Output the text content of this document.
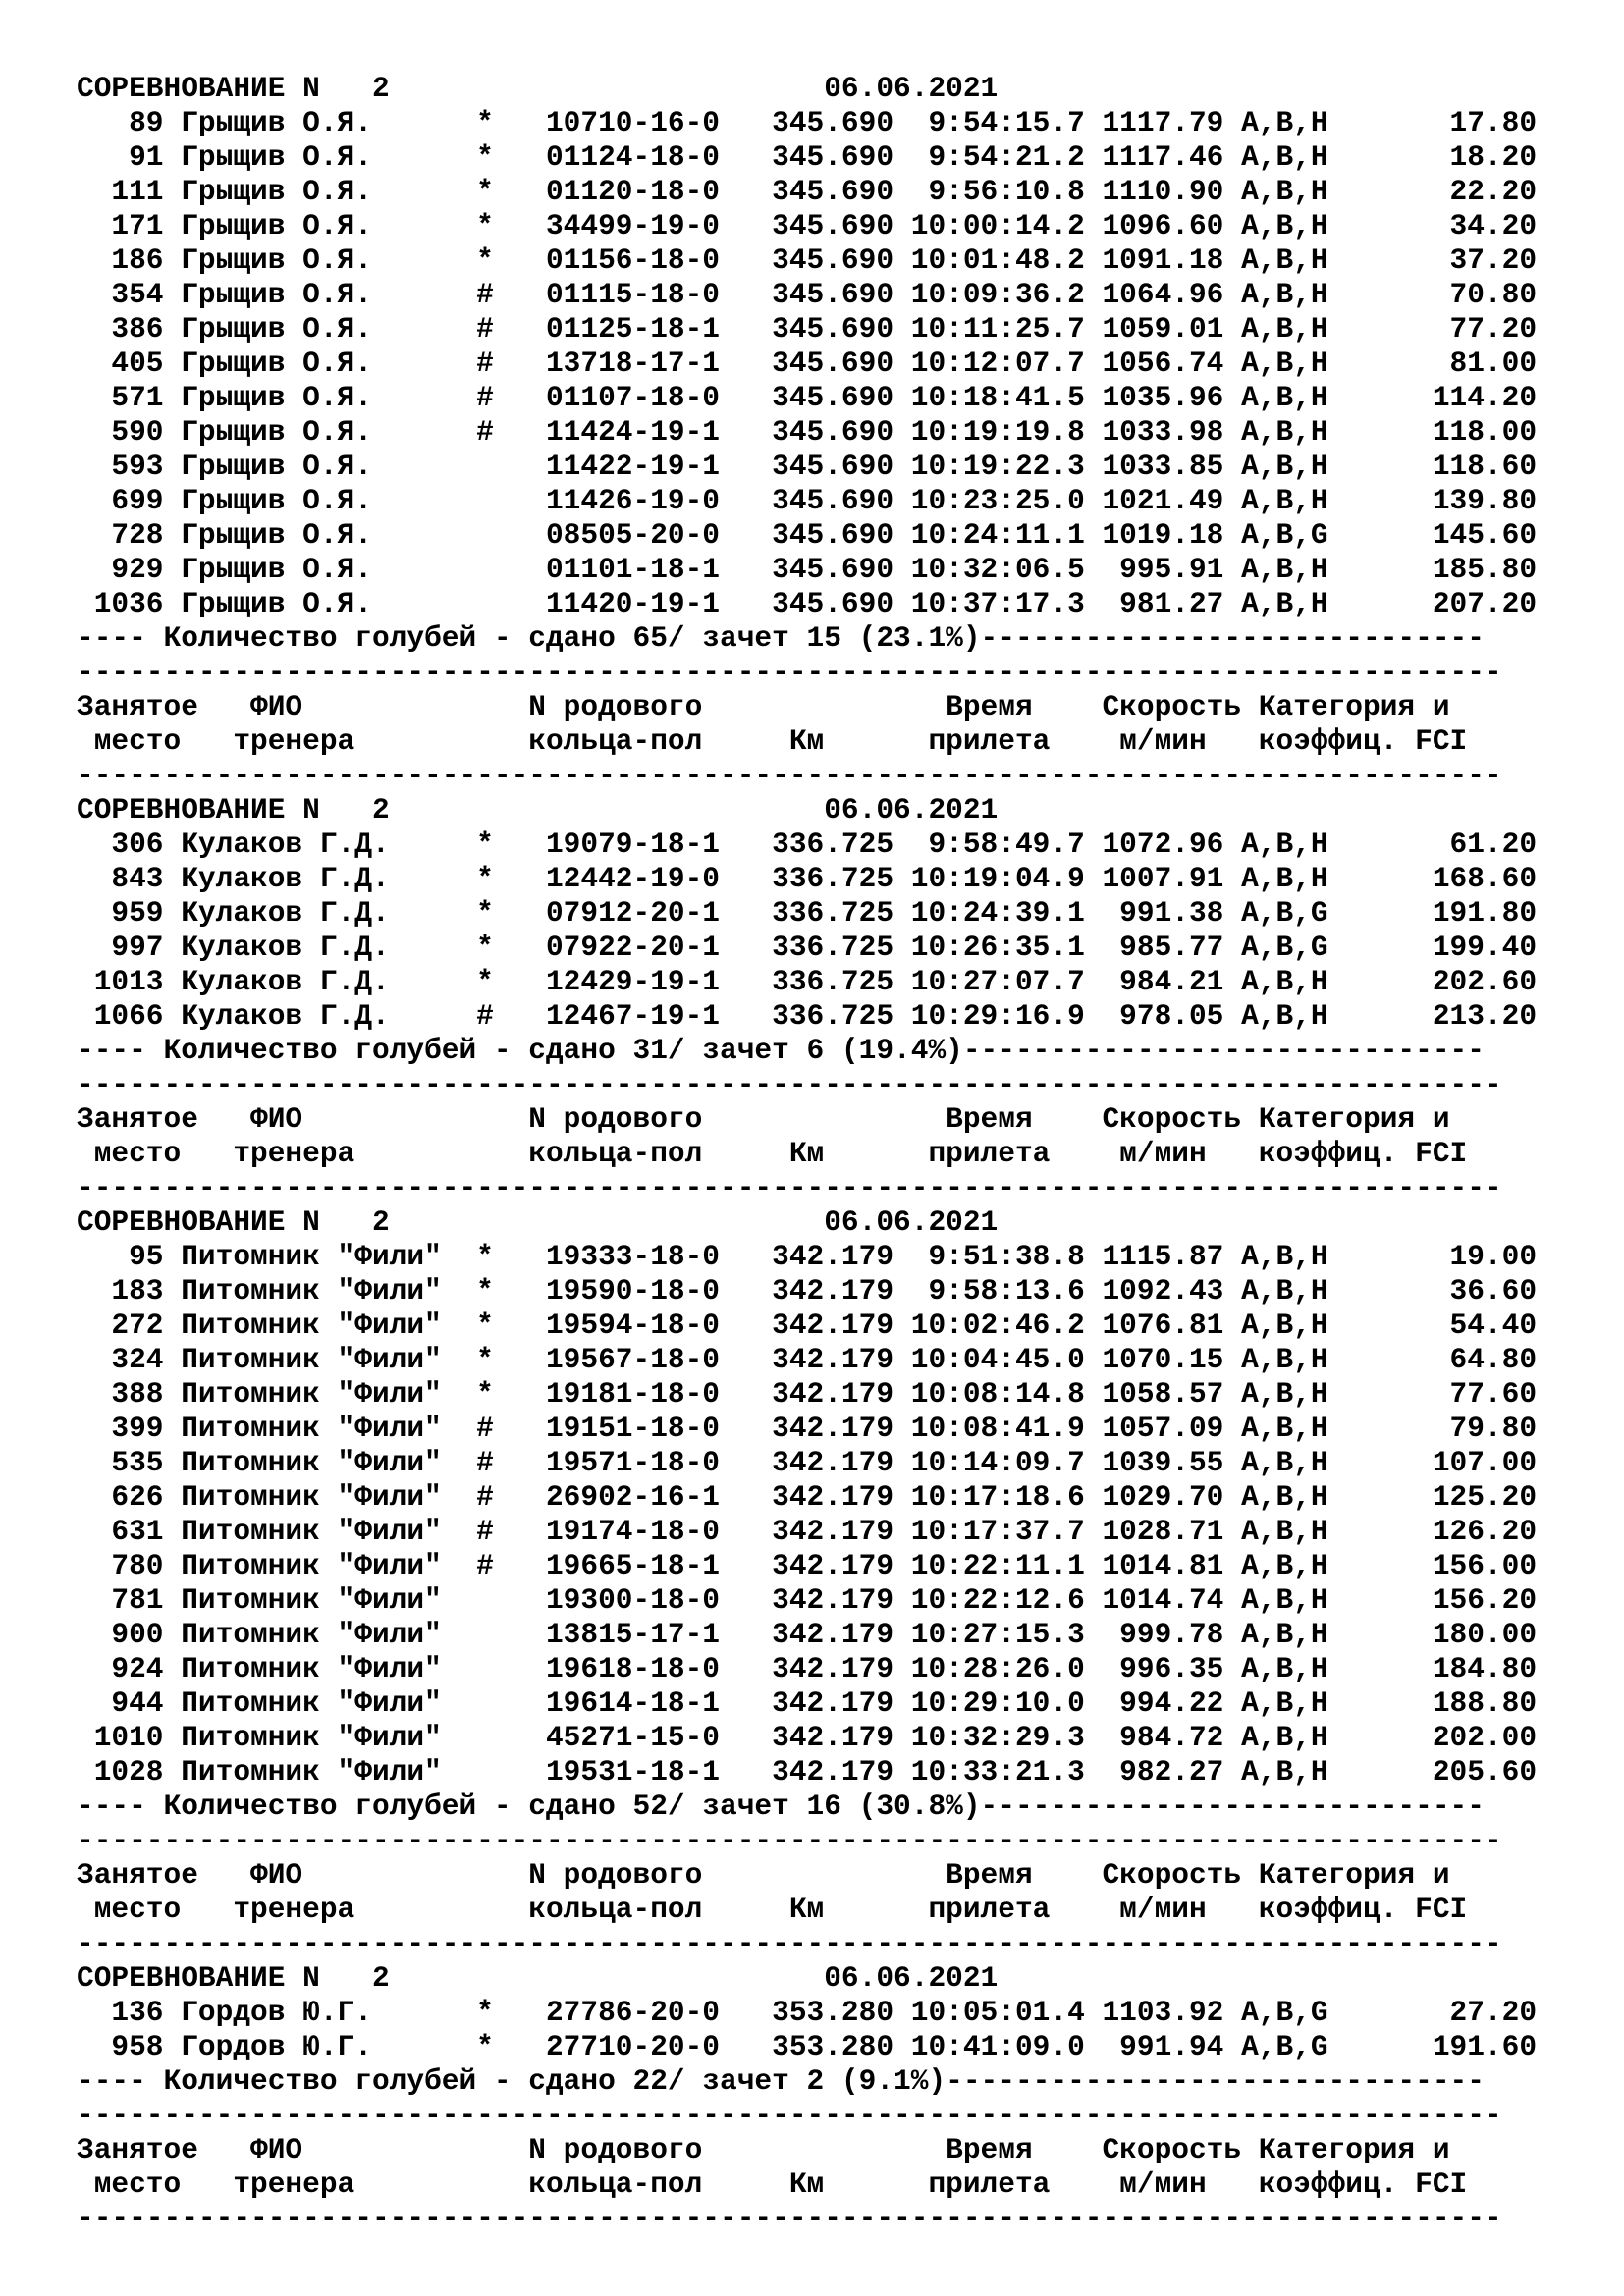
СОРЕВНОВАНИЕ N   2                         06.06.2021
89 Грыщив О.Я.      *   10710-16-0   345.690  9:54:15.7 1117.79 A,B,H       17.80
91 Грыщив О.Я.      *   01124-18-0   345.690  9:54:21.2 1117.46 A,B,H       18.20
111 Грыщив О.Я.      *   01120-18-0   345.690  9:56:10.8 1110.90 A,B,H       22.20
171 Грыщив О.Я.      *   34499-19-0   345.690 10:00:14.2 1096.60 A,B,H       34.20
186 Грыщив О.Я.      *   01156-18-0   345.690 10:01:48.2 1091.18 A,B,H       37.20
354 Грыщив О.Я.      #   01115-18-0   345.690 10:09:36.2 1064.96 A,B,H       70.80
386 Грыщив О.Я.      #   01125-18-1   345.690 10:11:25.7 1059.01 A,B,H       77.20
405 Грыщив О.Я.      #   13718-17-1   345.690 10:12:07.7 1056.74 A,B,H       81.00
571 Грыщив О.Я.      #   01107-18-0   345.690 10:18:41.5 1035.96 A,B,H      114.20
590 Грыщив О.Я.      #   11424-19-1   345.690 10:19:19.8 1033.98 A,B,H      118.00
593 Грыщив О.Я.          11422-19-1   345.690 10:19:22.3 1033.85 A,B,H      118.60
699 Грыщив О.Я.          11426-19-0   345.690 10:23:25.0 1021.49 A,B,H      139.80
728 Грыщив О.Я.          08505-20-0   345.690 10:24:11.1 1019.18 A,B,G      145.60
929 Грыщив О.Я.          01101-18-1   345.690 10:32:06.5  995.91 A,B,H      185.80
1036 Грыщив О.Я.          11420-19-1   345.690 10:37:17.3  981.27 A,B,H      207.20
---- Количество голубей - сдано 65/ зачет 15 (23.1%)-----------------------------
----------------------------------------------------------------------------------
Занятое   ФИО             N родового              Время    Скорость Категория и
место   тренера          кольца-пол     Км      прилета    м/мин   коэффиц. FCI
----------------------------------------------------------------------------------
СОРЕВНОВАНИЕ N   2                         06.06.2021
306 Кулаков Г.Д.     *   19079-18-1   336.725  9:58:49.7 1072.96 A,B,H       61.20
843 Кулаков Г.Д.     *   12442-19-0   336.725 10:19:04.9 1007.91 A,B,H      168.60
959 Кулаков Г.Д.     *   07912-20-1   336.725 10:24:39.1  991.38 A,B,G      191.80
997 Кулаков Г.Д.     *   07922-20-1   336.725 10:26:35.1  985.77 A,B,G      199.40
1013 Кулаков Г.Д.     *   12429-19-1   336.725 10:27:07.7  984.21 A,B,H      202.60
1066 Кулаков Г.Д.     #   12467-19-1   336.725 10:29:16.9  978.05 A,B,H      213.20
---- Количество голубей - сдано 31/ зачет 6 (19.4%)------------------------------
----------------------------------------------------------------------------------
Занятое   ФИО             N родового              Время    Скорость Категория и
место   тренера          кольца-пол     Км      прилета    м/мин   коэффиц. FCI
----------------------------------------------------------------------------------
СОРЕВНОВАНИЕ N   2                         06.06.2021
95 Питомник "Фили"  *   19333-18-0   342.179  9:51:38.8 1115.87 A,B,H       19.00
183 Питомник "Фили"  *   19590-18-0   342.179  9:58:13.6 1092.43 A,B,H       36.60
272 Питомник "Фили"  *   19594-18-0   342.179 10:02:46.2 1076.81 A,B,H       54.40
324 Питомник "Фили"  *   19567-18-0   342.179 10:04:45.0 1070.15 A,B,H       64.80
388 Питомник "Фили"  *   19181-18-0   342.179 10:08:14.8 1058.57 A,B,H       77.60
399 Питомник "Фили"  #   19151-18-0   342.179 10:08:41.9 1057.09 A,B,H       79.80
535 Питомник "Фили"  #   19571-18-0   342.179 10:14:09.7 1039.55 A,B,H      107.00
626 Питомник "Фили"  #   26902-16-1   342.179 10:17:18.6 1029.70 A,B,H      125.20
631 Питомник "Фили"  #   19174-18-0   342.179 10:17:37.7 1028.71 A,B,H      126.20
780 Питомник "Фили"  #   19665-18-1   342.179 10:22:11.1 1014.81 A,B,H      156.00
781 Питомник "Фили"      19300-18-0   342.179 10:22:12.6 1014.74 A,B,H      156.20
900 Питомник "Фили"      13815-17-1   342.179 10:27:15.3  999.78 A,B,H      180.00
924 Питомник "Фили"      19618-18-0   342.179 10:28:26.0  996.35 A,B,H      184.80
944 Питомник "Фили"      19614-18-1   342.179 10:29:10.0  994.22 A,B,H      188.80
1010 Питомник "Фили"      45271-15-0   342.179 10:32:29.3  984.72 A,B,H      202.00
1028 Питомник "Фили"      19531-18-1   342.179 10:33:21.3  982.27 A,B,H      205.60
---- Количество голубей - сдано 52/ зачет 16 (30.8%)-----------------------------
----------------------------------------------------------------------------------
Занятое   ФИО             N родового              Время    Скорость Категория и
место   тренера          кольца-пол     Км      прилета    м/мин   коэффиц. FCI
----------------------------------------------------------------------------------
СОРЕВНОВАНИЕ N   2                         06.06.2021
136 Гордов Ю.Г.      *   27786-20-0   353.280 10:05:01.4 1103.92 A,B,G       27.20
958 Гордов Ю.Г.      *   27710-20-0   353.280 10:41:09.0  991.94 A,B,G      191.60
---- Количество голубей - сдано 22/ зачет 2 (9.1%)-------------------------------
----------------------------------------------------------------------------------
Занятое   ФИО             N родового              Время    Скорость Категория и
место   тренера          кольца-пол     Км      прилета    м/мин   коэффиц. FCI
----------------------------------------------------------------------------------
